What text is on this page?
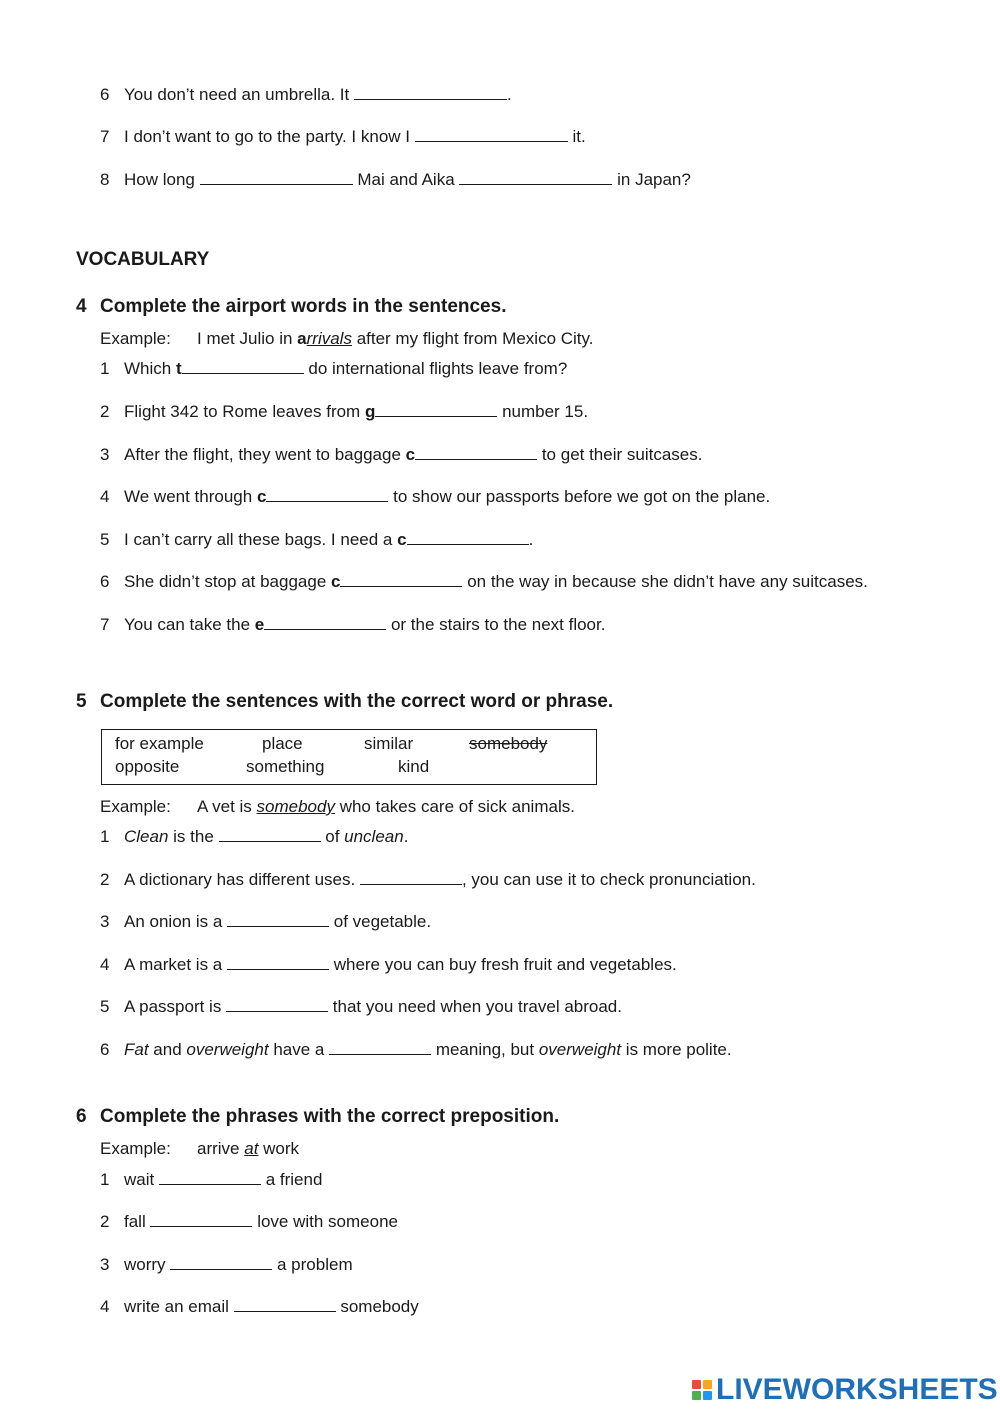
6 You don’t need an umbrella. It	.
7 I don’t want to go to the party. I know I	it.
8 How long	Mai and Aika	in Japan?
VOCABULARY
4 Complete the airport words in the sentences.
Example: I met Julio in arrivals after my flight from Mexico City.
1 Which t	do international flights leave from?
2 Flight 342 to Rome leaves from g	number 15.
3 After the flight, they went to baggage c	to get their suitcases.
4 We went through c	to show our passports before we got on the plane.
5 I can’t carry all these bags. I need a c	.
6 She didn’t stop at baggage c	on the way in because she didn’t have any suitcases.
7 You can take the e	or the stairs to the next floor.
5 Complete the sentences with the correct word or phrase.
for example	place	similar	somebody
opposite	something	kind
Example: A vet is somebody who takes care of sick animals.
1 Clean is the	of unclean.
2 A dictionary has different uses.	, you can use it to check pronunciation.
3 An onion is a	of vegetable.
4 A market is a	where you can buy fresh fruit and vegetables.
5 A passport is	that you need when you travel abroad.
6 Fat and overweight have a	meaning, but overweight is more polite.
6 Complete the phrases with the correct preposition.
Example: arrive at work
1 wait	a friend
2 fall	love with someone
3 worry	a problem
4 write an email	somebody
LIVEWORKSHEETS
